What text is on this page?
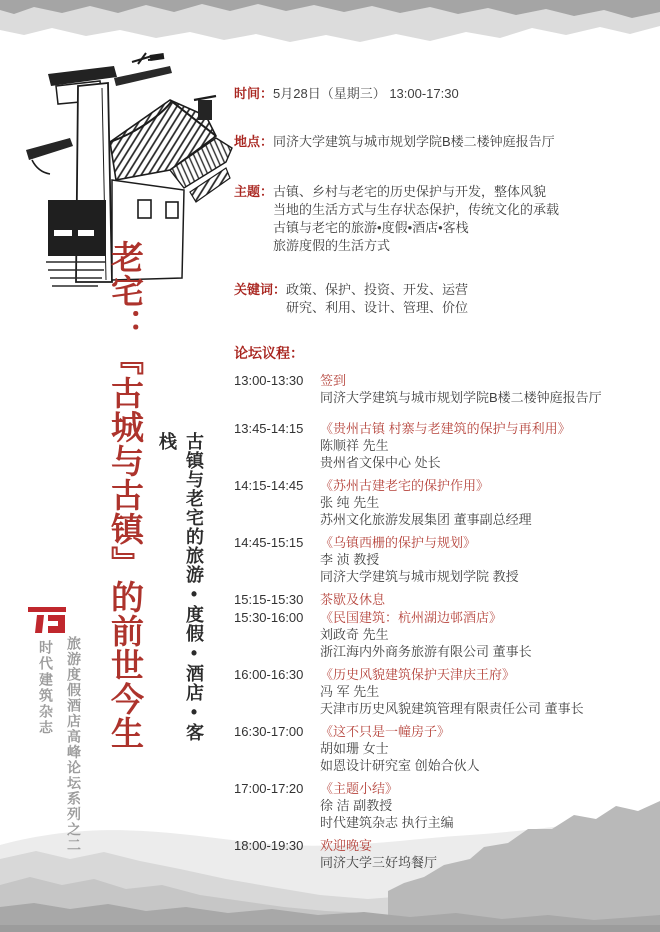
老宅：『古城与古镇』的前世今生	古镇与老宅的旅游•度假•酒店•客栈
时代建筑杂志 旅游度假酒店高峰论坛系列之二
时间： 5月28日（星期三） 13:00-17:30
地点： 同济大学建筑与城市规划学院B楼二楼钟庭报告厅
主题： 古镇、乡村与老宅的历史保护与开发，整体风貌
当地的生活方式与生存状态保护，传统文化的承载
古镇与老宅的旅游•度假•酒店•客栈
旅游度假的生活方式
关键词： 政策、保护、投资、开发、运营
研究、利用、设计、管理、价位
论坛议程：
13:00-13:30	签到
同济大学建筑与城市规划学院B楼二楼钟庭报告厅
13:45-14:15	《贵州古镇 村寨与老建筑的保护与再利用》
陈顺祥 先生
贵州省文保中心 处长
14:15-14:45	《苏州古建老宅的保护作用》
张 纯 先生
苏州文化旅游发展集团 董事副总经理
14:45-15:15	《乌镇西栅的保护与规划》
李 浈 教授
同济大学建筑与城市规划学院 教授
15:15-15:30	茶歇及休息
15:30-16:00	《民国建筑：杭州湖边邨酒店》
刘政奇 先生
浙江海内外商务旅游有限公司 董事长
16:00-16:30	《历史风貌建筑保护天津庆王府》
冯 军 先生
天津市历史风貌建筑管理有限责任公司 董事长
16:30-17:00	《这不只是一幢房子》
胡如珊 女士
如恩设计研究室 创始合伙人
17:00-17:20	《主题小结》
徐 洁 副教授
时代建筑杂志 执行主编
18:00-19:30	欢迎晚宴
同济大学三好坞餐厅
